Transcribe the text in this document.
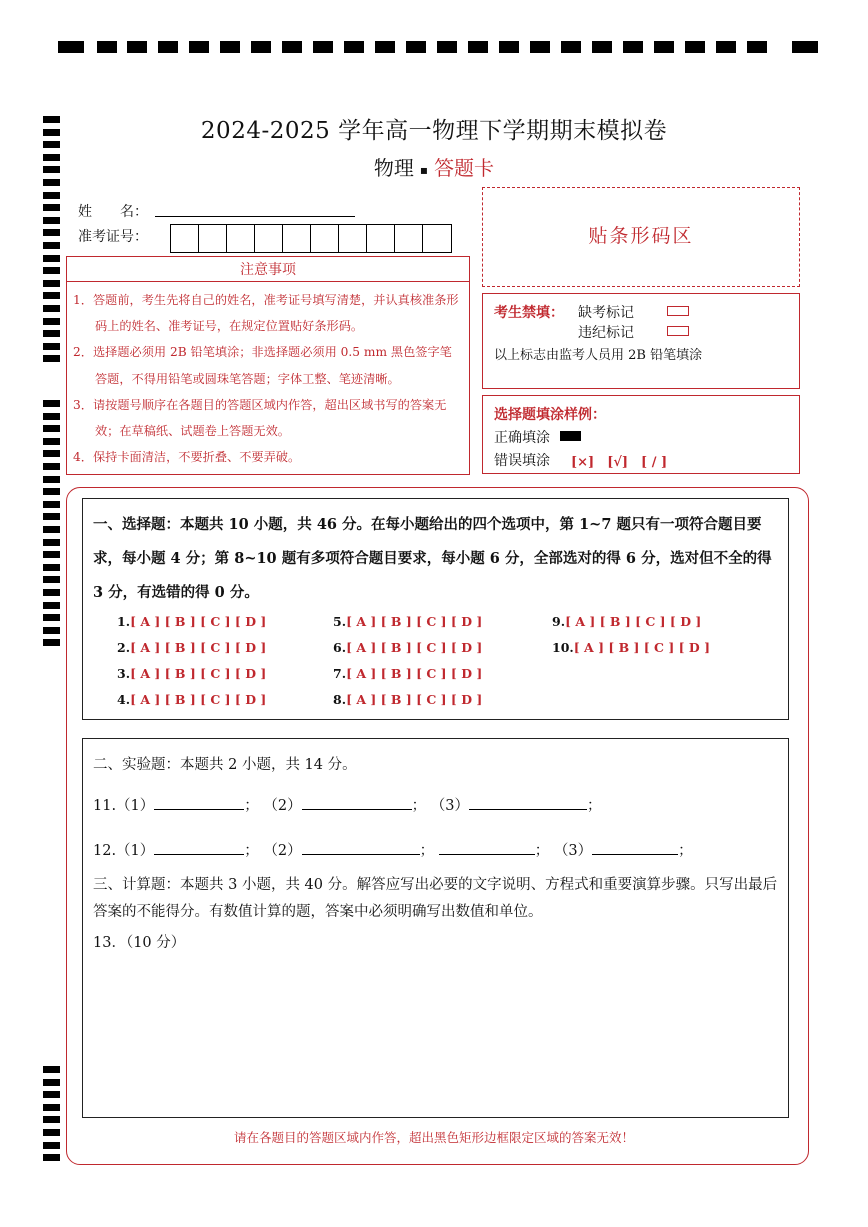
2024-2025 学年高一物理下学期期末模拟卷
物理 ▪ 答题卡
姓　　名：
准考证号：
注意事项
1．答题前，考生先将自己的姓名，准考证号填写清楚，并认真核准条形码上的姓名、准考证号，在规定位置贴好条形码。
2．选择题必须用 2B 铅笔填涂；非选择题必须用 0.5 mm 黑色签字笔答题，不得用铅笔或圆珠笔答题；字体工整、笔迹清晰。
3．请按题号顺序在各题目的答题区域内作答，超出区域书写的答案无效；在草稿纸、试题卷上答题无效。
4．保持卡面清洁，不要折叠、不要弄破。
贴条形码区
考生禁填： 缺考标记
违纪标记
以上标志由监考人员用 2B 铅笔填涂
选择题填涂样例：
正确填涂
错误填涂 [×]　[√]　[ / ]
一、选择题：本题共 10 小题，共 46 分。在每小题给出的四个选项中，第 1~7 题只有一项符合题目要求，每小题 4 分；第 8~10 题有多项符合题目要求，每小题 6 分，全部选对的得 6 分，选对但不全的得 3 分，有选错的得 0 分。
1.[ A ] [ B ] [ C ] [ D ]
2.[ A ] [ B ] [ C ] [ D ]
3.[ A ] [ B ] [ C ] [ D ]
4.[ A ] [ B ] [ C ] [ D ]
5.[ A ] [ B ] [ C ] [ D ]
6.[ A ] [ B ] [ C ] [ D ]
7.[ A ] [ B ] [ C ] [ D ]
8.[ A ] [ B ] [ C ] [ D ]
9.[ A ] [ B ] [ C ] [ D ]
10.[ A ] [ B ] [ C ] [ D ]
二、实验题：本题共 2 小题，共 14 分。
11.（1）	； （2）	； （3）	；
12.（1）	； （2）	；	； （3）	；
三、计算题：本题共 3 小题，共 40 分。解答应写出必要的文字说明、方程式和重要演算步骤。只写出最后答案的不能得分。有数值计算的题，答案中必须明确写出数值和单位。
13．（10 分）
请在各题目的答题区域内作答，超出黑色矩形边框限定区域的答案无效！
